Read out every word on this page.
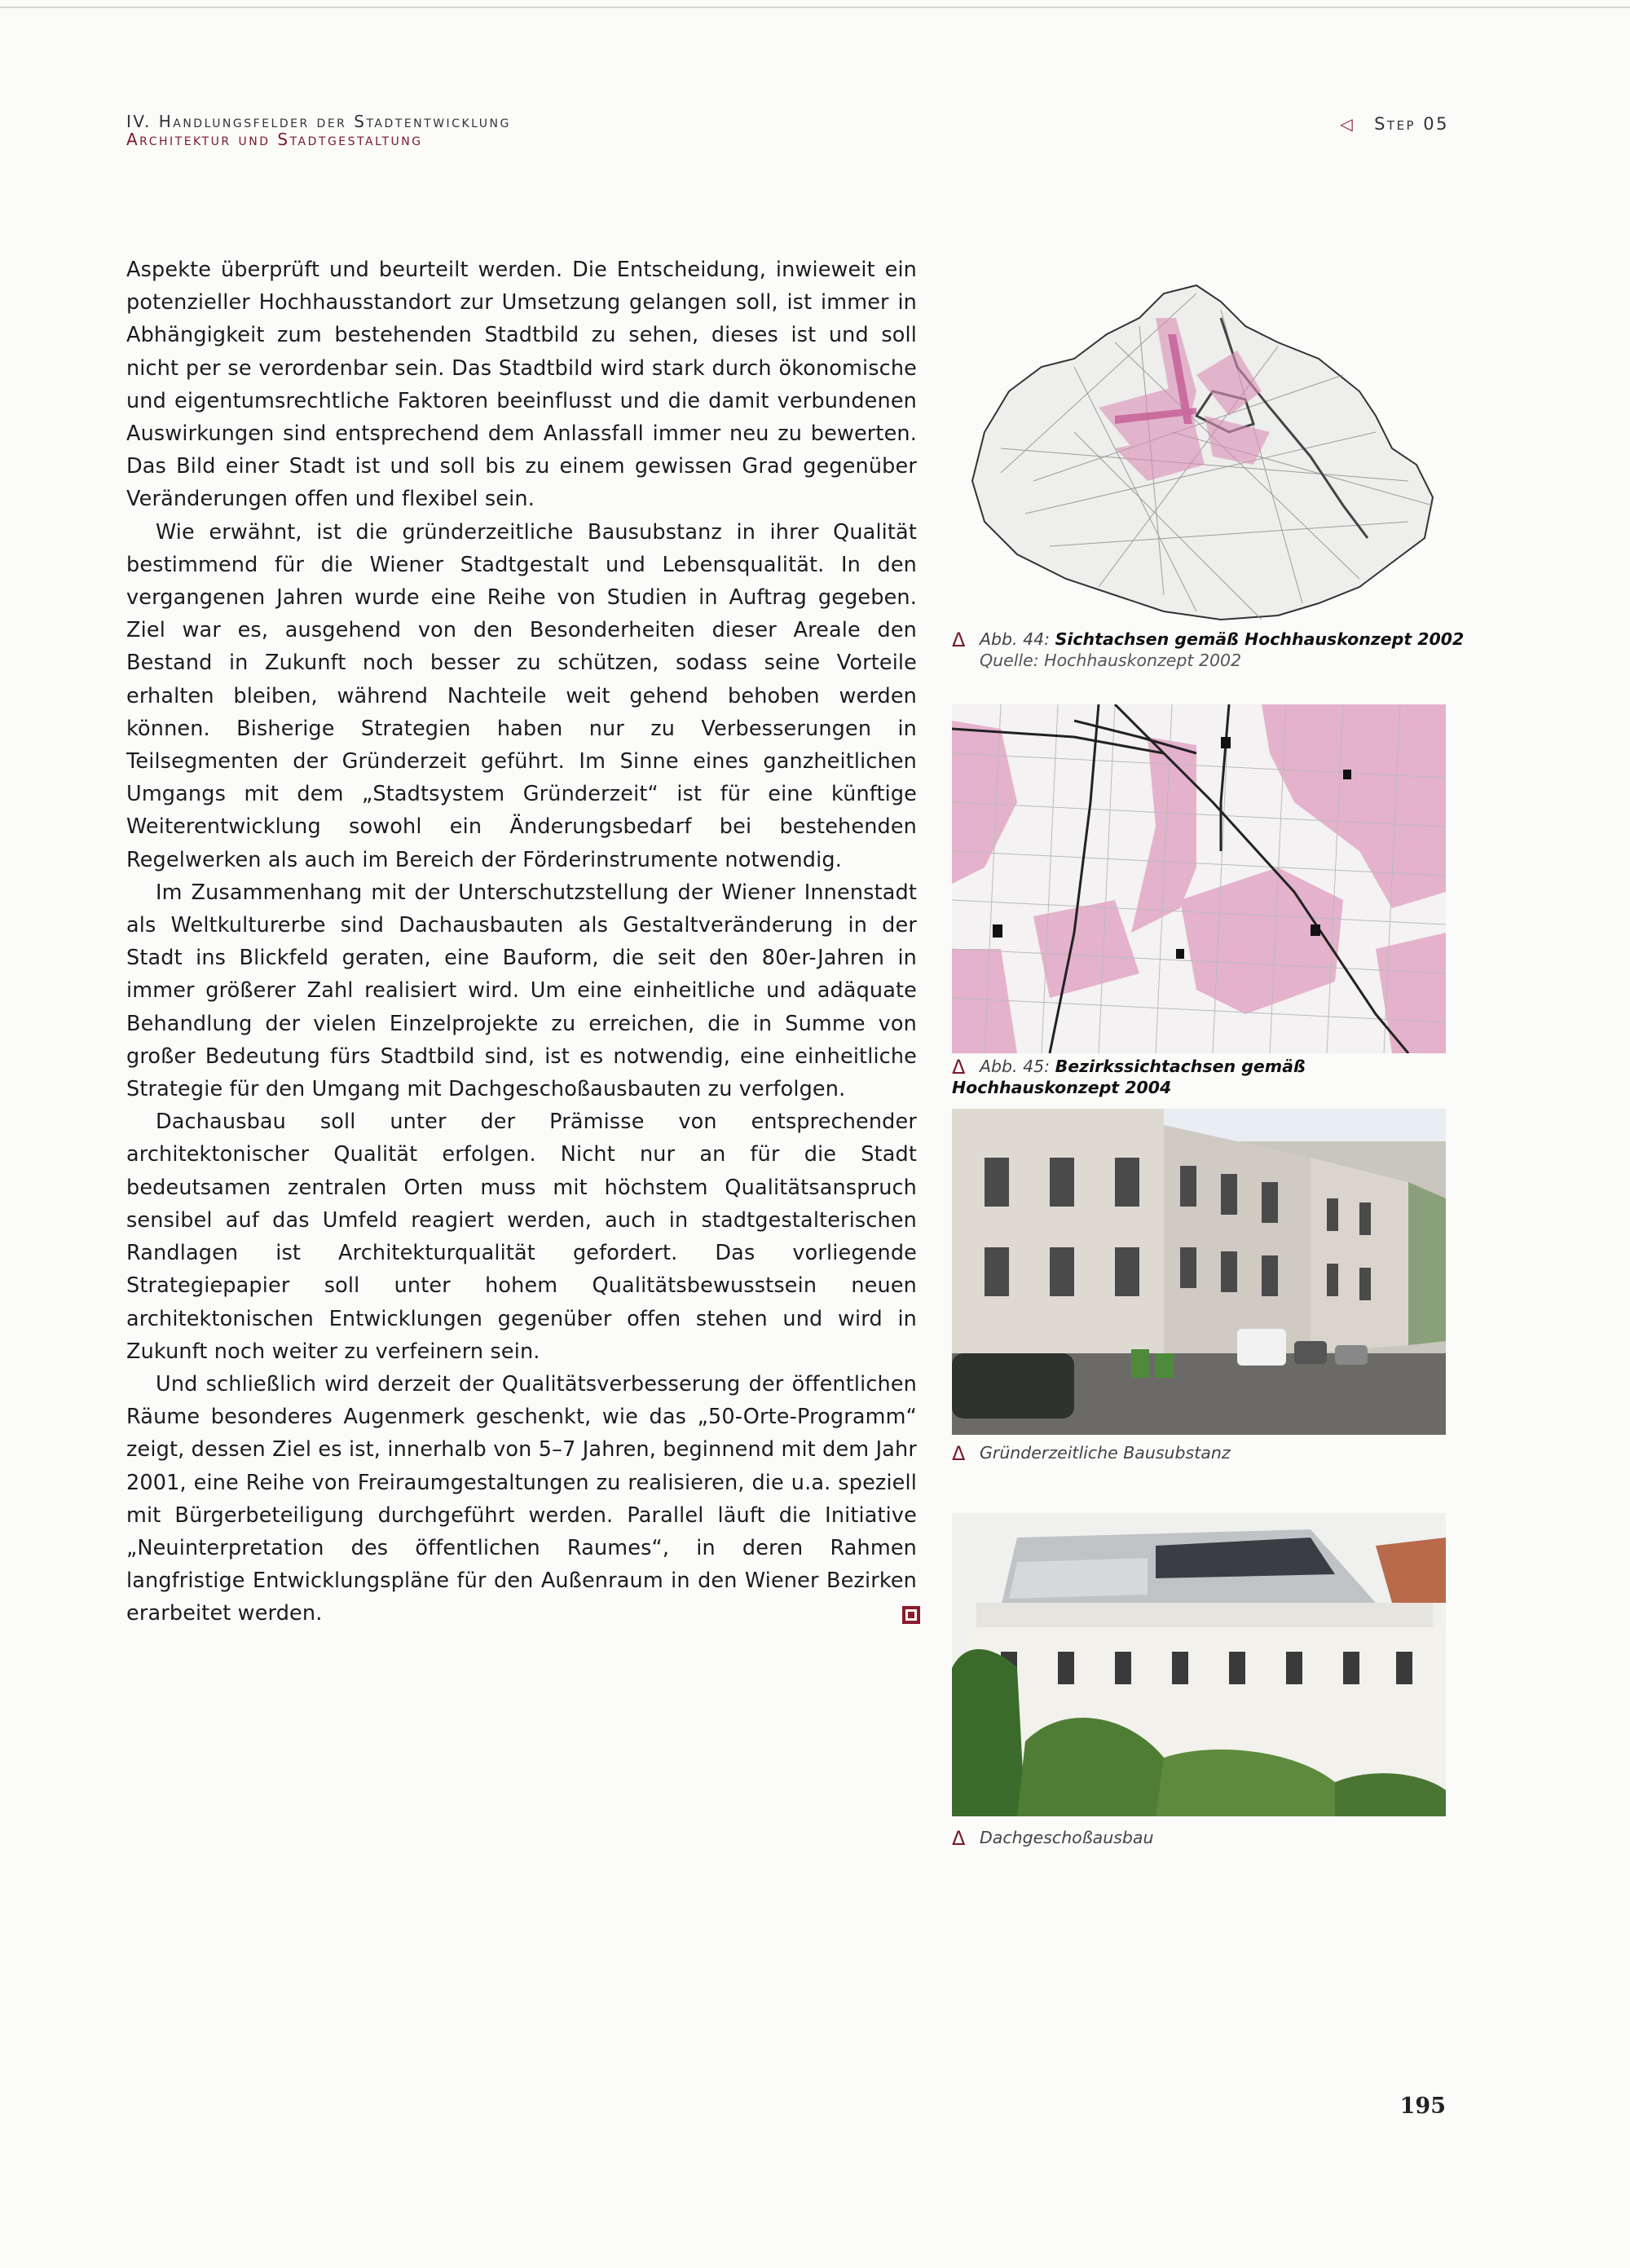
IV. Handlungsfelder der Stadtentwicklung
Architektur und Stadtgestaltung
◁ Step 05

Aspekte überprüft und beurteilt werden. Die Entscheidung, inwieweit ein potenzieller Hochhausstandort zur Umsetzung gelangen soll, ist immer in Abhängigkeit zum bestehenden Stadtbild zu sehen, dieses ist und soll nicht per se verordenbar sein. Das Stadtbild wird stark durch ökonomische und eigentumsrechtliche Faktoren beeinflusst und die damit verbundenen Auswirkungen sind entsprechend dem Anlassfall immer neu zu bewerten. Das Bild einer Stadt ist und soll bis zu einem gewissen Grad gegenüber Veränderungen offen und flexibel sein.

Wie erwähnt, ist die gründerzeitliche Bausubstanz in ihrer Qualität bestimmend für die Wiener Stadtgestalt und Lebensqualität. In den vergangenen Jahren wurde eine Reihe von Studien in Auftrag gegeben. Ziel war es, ausgehend von den Besonderheiten dieser Areale den Bestand in Zukunft noch besser zu schützen, sodass seine Vorteile erhalten bleiben, während Nachteile weit gehend behoben werden können. Bisherige Strategien haben nur zu Verbesserungen in Teilsegmenten der Gründerzeit geführt. Im Sinne eines ganzheitlichen Umgangs mit dem „Stadtsystem Gründerzeit“ ist für eine künftige Weiterentwicklung sowohl ein Änderungsbedarf bei bestehenden Regelwerken als auch im Bereich der Förderinstrumente notwendig.

Im Zusammenhang mit der Unterschutzstellung der Wiener Innenstadt als Weltkulturerbe sind Dachausbauten als Gestaltveränderung in der Stadt ins Blickfeld geraten, eine Bauform, die seit den 80er-Jahren in immer größerer Zahl realisiert wird. Um eine einheitliche und adäquate Behandlung der vielen Einzelprojekte zu erreichen, die in Summe von großer Bedeutung fürs Stadtbild sind, ist es notwendig, eine einheitliche Strategie für den Umgang mit Dachgeschoßausbauten zu verfolgen.

Dachausbau soll unter der Prämisse von entsprechender architektonischer Qualität erfolgen. Nicht nur an für die Stadt bedeutsamen zentralen Orten muss mit höchstem Qualitätsanspruch sensibel auf das Umfeld reagiert werden, auch in stadtgestalterischen Randlagen ist Architekturqualität gefordert. Das vorliegende Strategiepapier soll unter hohem Qualitätsbewusstsein neuen architektonischen Entwicklungen gegenüber offen stehen und wird in Zukunft noch weiter zu verfeinern sein.

Und schließlich wird derzeit der Qualitätsverbesserung der öffentlichen Räume besonderes Augenmerk geschenkt, wie das „50-Orte-Programm“ zeigt, dessen Ziel es ist, innerhalb von 5–7 Jahren, beginnend mit dem Jahr 2001, eine Reihe von Freiraumgestaltungen zu realisieren, die u.a. speziell mit Bürgerbeteiligung durchgeführt werden. Parallel läuft die Initiative „Neuinterpretation des öffentlichen Raumes“, in deren Rahmen langfristige Entwicklungspläne für den Außenraum in den Wiener Bezirken erarbeitet werden.

Δ Abb. 44: Sichtachsen gemäß Hochhauskonzept 2002
Quelle: Hochhauskonzept 2002
Δ Abb. 45: Bezirkssichtachsen gemäß Hochhauskonzept 2004
Δ Gründerzeitliche Bausubstanz
Δ Dachgeschoßausbau
195
